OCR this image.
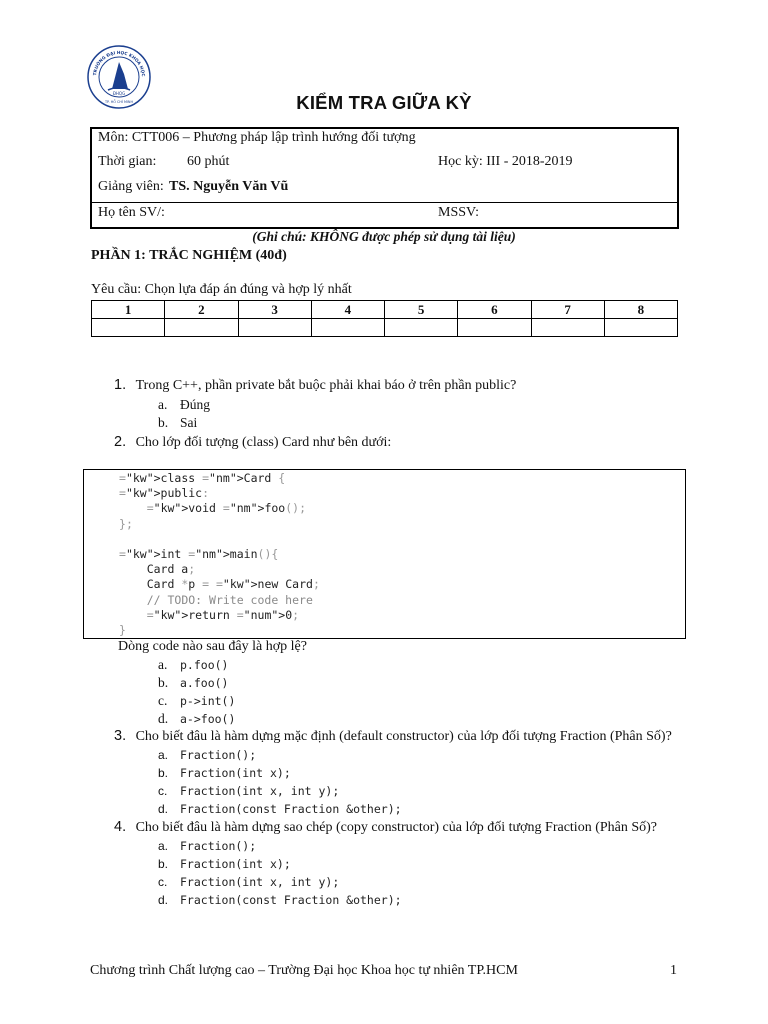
TRƯỜNG ĐẠI HỌC KHOA HỌC
ĐHQG
TP. HỒ CHÍ MINH	KIỂM TRA GIỮA KỲ
Môn: CTT006 – Phương pháp lập trình hướng đối tượng
Thời gian: 60 phút	Học kỳ: III - 2018-2019
Giảng viên: TS. Nguyễn Văn Vũ
Họ tên SV/:	MSSV:
(Ghi chú: KHÔNG được phép sử dụng tài liệu)
PHẦN 1: TRẮC NGHIỆM (40đ)
Yêu cầu: Chọn lựa đáp án đúng và hợp lý nhất
1	2	3	4	5	6	7	8

1. Trong C++, phần private bắt buộc phải khai báo ở trên phần public?
a. Đúng
b. Sai
2. Cho lớp đối tượng (class) Card như bên dưới:
="kw">class ="nm">Card {
="kw">public:
="kw">void ="nm">foo();
};

="kw">int ="nm">main(){
Card a;
Card *p = ="kw">new Card;
// TODO: Write code here
="kw">return ="num">0;
}
Dòng code nào sau đây là hợp lệ?
a. p.foo()
b. a.foo()
c. p->int()
d. a->foo()
3. Cho biết đâu là hàm dựng mặc định (default constructor) của lớp đối tượng Fraction (Phân Số)?
a. Fraction();
b. Fraction(int x);
c. Fraction(int x, int y);
d. Fraction(const Fraction &other);
4. Cho biết đâu là hàm dựng sao chép (copy constructor) của lớp đối tượng Fraction (Phân Số)?
a. Fraction();
b. Fraction(int x);
c. Fraction(int x, int y);
d. Fraction(const Fraction &other);
Chương trình Chất lượng cao – Trường Đại học Khoa học tự nhiên TP.HCM	1
